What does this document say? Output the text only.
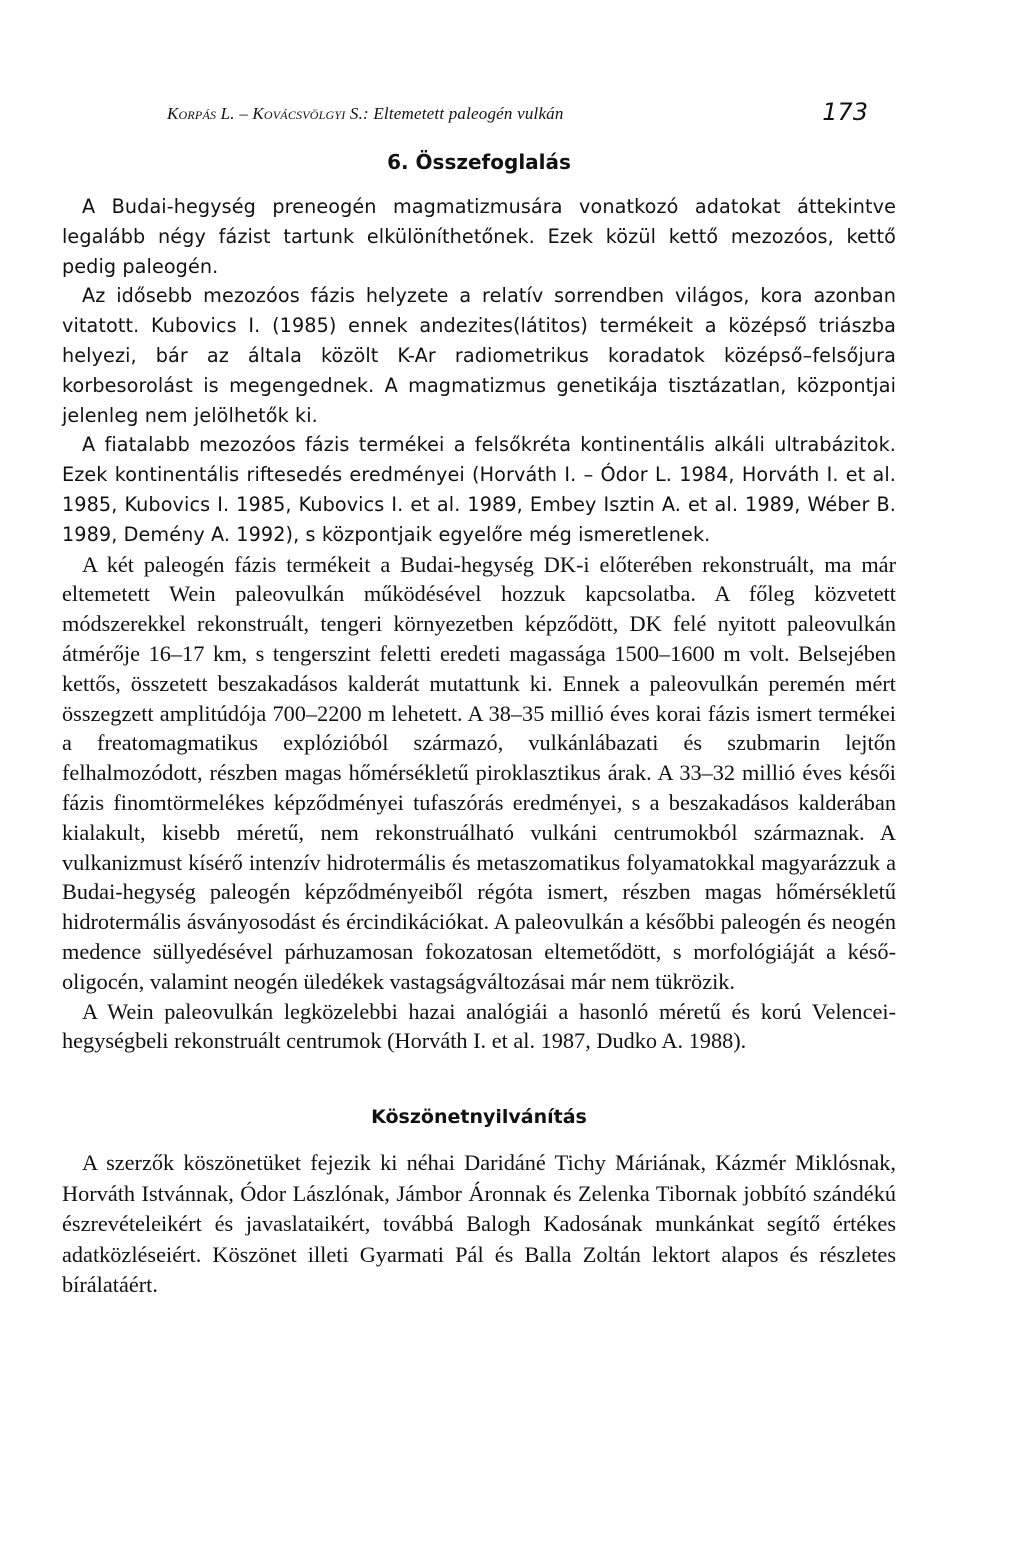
Korpás L. – Kovácsvölgyi S.: Eltemetett paleogén vulkán	173
6. Összefoglalás

A Budai-hegység preneogén magmatizmusára vonatkozó adatokat áttekintve legalább négy fázist tartunk elkülöníthetőnek. Ezek közül kettő mezozóos, kettő pedig paleogén.

Az idősebb mezozóos fázis helyzete a relatív sorrendben világos, kora azonban vitatott. Kubovics I. (1985) ennek andezites(látitos) termékeit a középső triászba helyezi, bár az általa közölt K-Ar radiometrikus koradatok középső–felsőjura korbesorolást is megengednek. A magmatizmus genetikája tisztázatlan, központjai jelenleg nem jelölhetők ki.

A fiatalabb mezozóos fázis termékei a felsőkréta kontinentális alkáli ultrabázitok. Ezek kontinentális riftesedés eredményei (Horváth I. – Ódor L. 1984, Horváth I. et al. 1985, Kubovics I. 1985, Kubovics I. et al. 1989, Embey Isztin A. et al. 1989, Wéber B. 1989, Demény A. 1992), s központjaik egyelőre még ismeretlenek.

A két paleogén fázis termékeit a Budai-hegység DK-i előterében rekonstruált, ma már eltemetett Wein paleovulkán működésével hozzuk kapcsolatba. A főleg közvetett módszerekkel rekonstruált, tengeri környezetben képződött, DK felé nyitott paleovulkán átmérője 16–17 km, s tengerszint feletti eredeti magassága 1500–1600 m volt. Belsejében kettős, összetett beszakadásos kalderát mutattunk ki. Ennek a paleovulkán peremén mért összegzett amplitúdója 700–2200 m lehetett. A 38–35 millió éves korai fázis ismert termékei a freatomagmatikus explózióból származó, vulkánlábazati és szubmarin lejtőn felhalmozódott, részben magas hőmérsékletű piroklasztikus árak. A 33–32 millió éves késői fázis finomtörmelékes képződményei tufaszórás eredményei, s a beszakadásos kalderában kialakult, kisebb méretű, nem rekonstruálható vulkáni centrumokból származnak. A vulkanizmust kísérő intenzív hidrotermális és metaszomatikus folyamatokkal magyarázzuk a Budai-hegység paleogén képződményeiből régóta ismert, részben magas hőmérsékletű hidrotermális ásványosodást és ércindikációkat. A paleovulkán a későbbi paleogén és neogén medence süllyedésével párhuzamosan fokozatosan eltemetődött, s morfológiáját a későoligocén, valamint neogén üledékek vastagságváltozásai már nem tükrözik.

A Wein paleovulkán legközelebbi hazai analógiái a hasonló méretű és korú Velencei-hegységbeli rekonstruált centrumok (Horváth I. et al. 1987, Dudko A. 1988).

Köszönetnyilvánítás

A szerzők köszönetüket fejezik ki néhai Daridáné Tichy Máriának, Kázmér Miklósnak, Horváth Istvánnak, Ódor Lászlónak, Jámbor Áronnak és Zelenka Tibornak jobbító szándékú észrevételeikért és javaslataikért, továbbá Balogh Kadosának munkánkat segítő értékes adatközléseiért. Köszönet illeti Gyarmati Pál és Balla Zoltán lektort alapos és részletes bírálatáért.
